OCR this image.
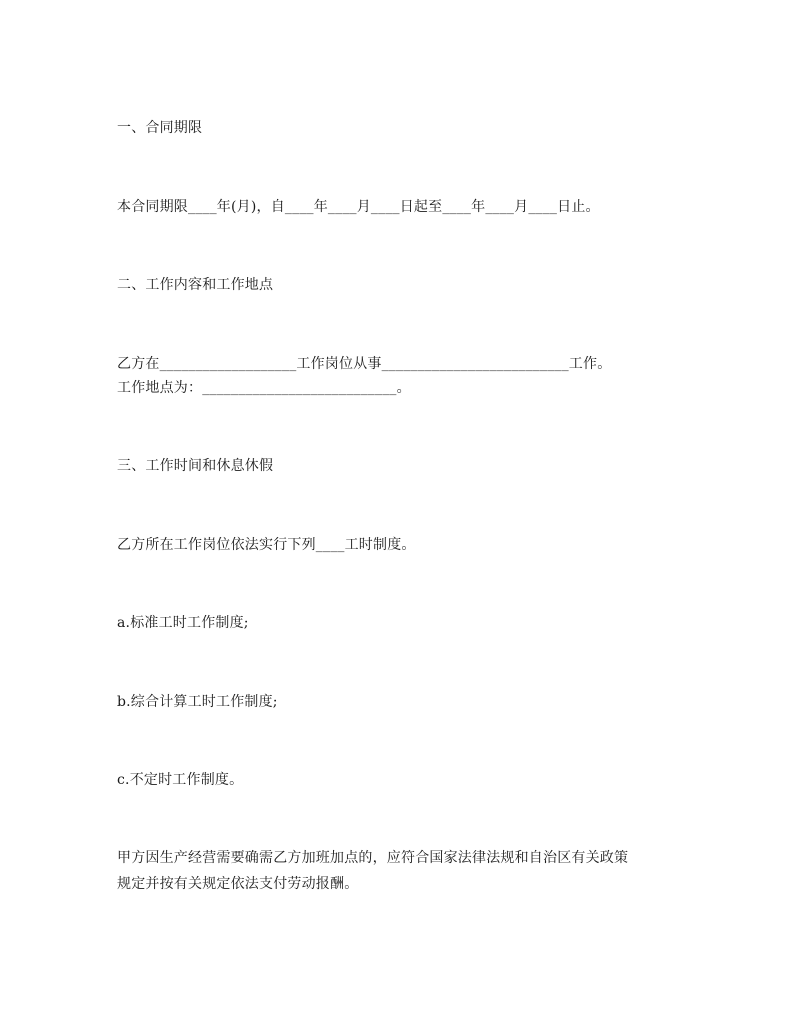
一、合同期限
本合同期限____年(月)，自____年____月____日起至____年____月____日止。
二、工作内容和工作地点
乙方在___________________工作岗位从事__________________________工作。
工作地点为：___________________________。
三、工作时间和休息休假
乙方所在工作岗位依法实行下列____工时制度。
a.标准工时工作制度;
b.综合计算工时工作制度;
c.不定时工作制度。
甲方因生产经营需要确需乙方加班加点的，应符合国家法律法规和自治区有关政策
规定并按有关规定依法支付劳动报酬。
